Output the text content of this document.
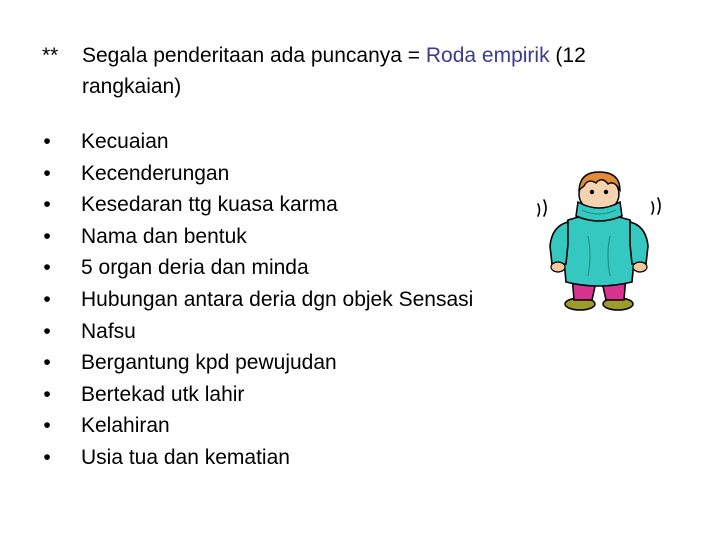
** Segala penderitaan ada puncanya = Roda empirik (12 rangkaian)
• Kecuaian
• Kecenderungan
• Kesedaran ttg kuasa karma
• Nama dan bentuk
• 5 organ deria dan minda
• Hubungan antara deria dgn objek Sensasi
• Nafsu
• Bergantung kpd pewujudan
• Bertekad utk lahir
• Kelahiran
• Usia tua dan kematian
